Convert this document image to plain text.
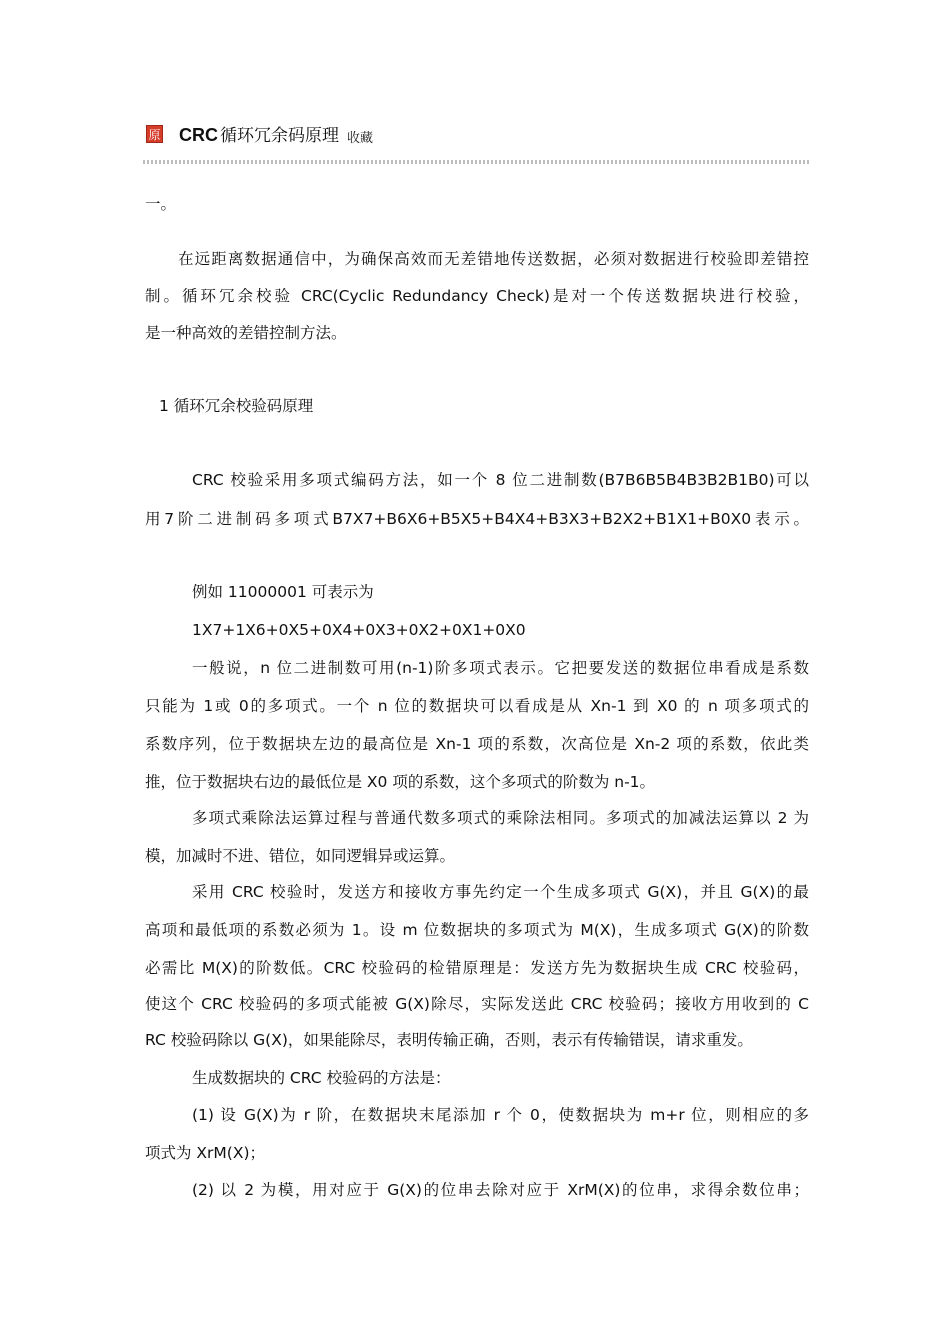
原 CRC 循环冗余码原理 收藏
一。
在远距离数据通信中，为确保高效而无差错地传送数据，必须对数据进行校验即差错控
制。循环冗余校验 CRC(Cyclic Redundancy Check)是对一个传送数据块进行校验，
是一种高效的差错控制方法。
1 循环冗余校验码原理
CRC 校验采用多项式编码方法，如一个 8 位二进制数(B7B6B5B4B3B2B1B0)可以
用7阶二进制码多项式B7X7+B6X6+B5X5+B4X4+B3X3+B2X2+B1X1+B0X0表示。
例如 11000001 可表示为
1X7+1X6+0X5+0X4+0X3+0X2+0X1+0X0
一般说，n 位二进制数可用(n-1)阶多项式表示。它把要发送的数据位串看成是系数
只能为 1或 0的多项式。一个 n 位的数据块可以看成是从 Xn-1 到 X0 的 n 项多项式的
系数序列，位于数据块左边的最高位是 Xn-1 项的系数，次高位是 Xn-2 项的系数，依此类
推，位于数据块右边的最低位是 X0 项的系数，这个多项式的阶数为 n-1。
多项式乘除法运算过程与普通代数多项式的乘除法相同。多项式的加减法运算以 2 为
模，加减时不进、错位，如同逻辑异或运算。
采用 CRC 校验时，发送方和接收方事先约定一个生成多项式 G(X)，并且 G(X)的最
高项和最低项的系数必须为 1。设 m 位数据块的多项式为 M(X)，生成多项式 G(X)的阶数
必需比 M(X)的阶数低。CRC 校验码的检错原理是：发送方先为数据块生成 CRC 校验码，
使这个 CRC 校验码的多项式能被 G(X)除尽，实际发送此 CRC 校验码；接收方用收到的 C
RC 校验码除以 G(X)，如果能除尽，表明传输正确，否则，表示有传输错误，请求重发。
生成数据块的 CRC 校验码的方法是：
(1) 设 G(X)为 r 阶，在数据块末尾添加 r 个 0，使数据块为 m+r 位，则相应的多
项式为 XrM(X)；
(2) 以 2 为模，用对应于 G(X)的位串去除对应于 XrM(X)的位串，求得余数位串；
